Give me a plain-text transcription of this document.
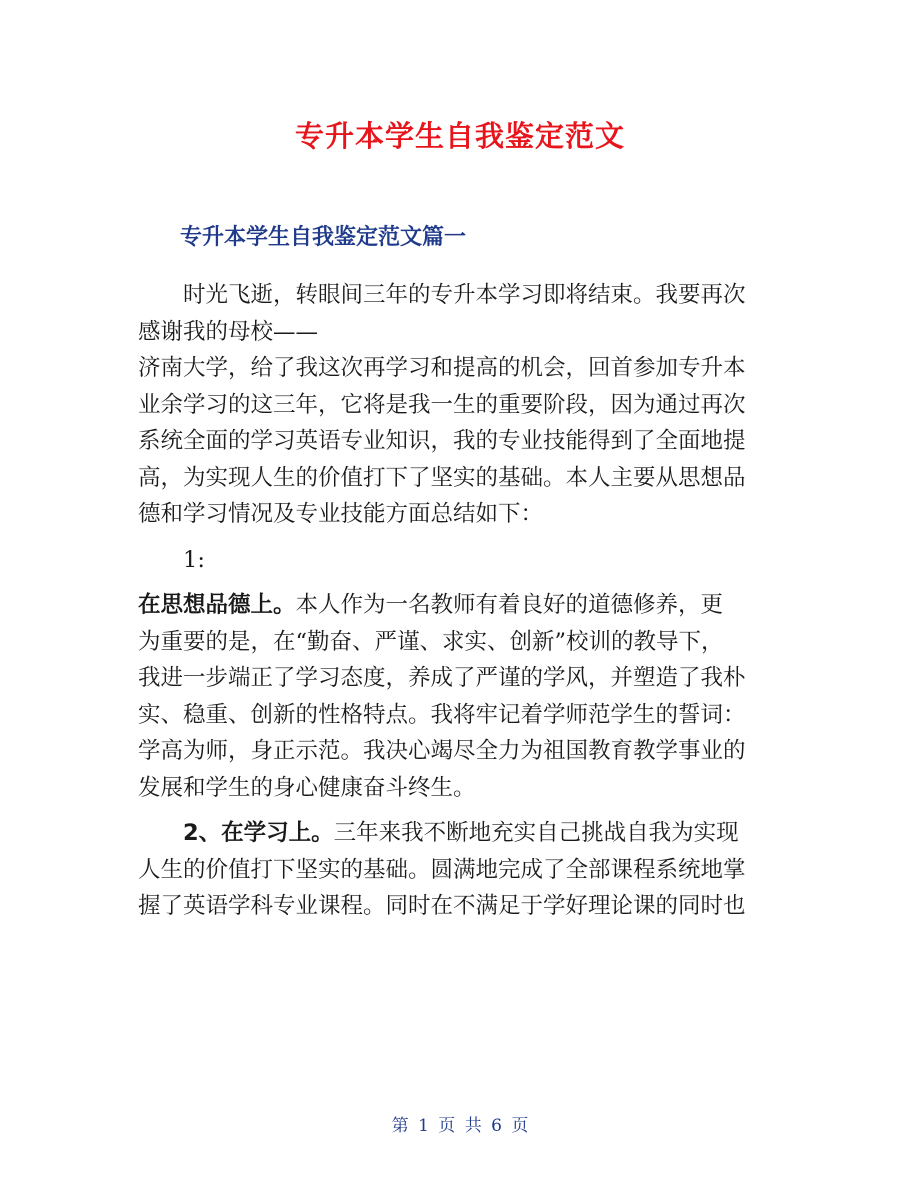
专升本学生自我鉴定范文
专升本学生自我鉴定范文篇一

时光飞逝，转眼间三年的专升本学习即将结束。我要再次
感谢我的母校——
济南大学，给了我这次再学习和提高的机会，回首参加专升本
业余学习的这三年，它将是我一生的重要阶段，因为通过再次
系统全面的学习英语专业知识，我的专业技能得到了全面地提
高，为实现人生的价值打下了坚实的基础。本人主要从思想品
德和学习情况及专业技能方面总结如下：

1:

在思想品德上。本人作为一名教师有着良好的道德修养，更
为重要的是，在“勤奋、严谨、求实、创新”校训的教导下，
我进一步端正了学习态度，养成了严谨的学风，并塑造了我朴
实、稳重、创新的性格特点。我将牢记着学师范学生的誓词：
学高为师，身正示范。我决心竭尽全力为祖国教育教学事业的
发展和学生的身心健康奋斗终生。

2、在学习上。三年来我不断地充实自己挑战自我为实现
人生的价值打下坚实的基础。圆满地完成了全部课程系统地掌
握了英语学科专业课程。同时在不满足于学好理论课的同时也

第 1 页 共 6 页
